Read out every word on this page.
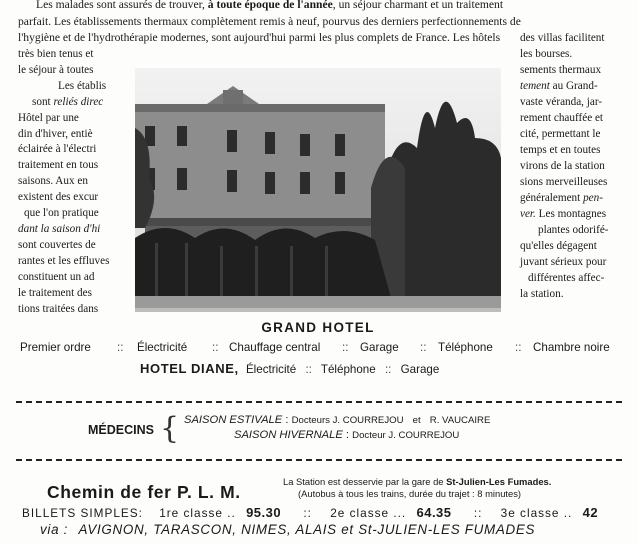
Les malades sont assurés de trouver, à toute époque de l'année, un séjour charmant et un traitement
parfait. Les établissements thermaux complètement remis à neuf, pourvus des derniers perfectionnements de
l'hygiène et de l'hydrothérapie modernes, sont aujourd'hui parmi les plus complets de France. Les hôtels
très bien tenus et
le séjour à toutes
Les établis
sont reliés direc
Hôtel par une
din d'hiver, entiè
éclairée à l'électri
traitement en tous
saisons. Aux en
existent des excur
que l'on pratique
dant la saison d'hi
sont couvertes de
rantes et les effluves
constituent un ad
le traitement des
tions traitées dans
des villas facilitent
les bourses.
sements thermaux
tement au Grand-
vaste véranda, jar-
rement chauffée et
cité, permettant le
temps et en toutes
virons de la station
sions merveilleuses
généralement pen-
ver. Les montagnes
plantes odorifé-
qu'elles dégagent
juvant sérieux pour
différentes affec-
la station.
GRAND HOTEL
Premier ordre :: Électricité :: Chauffage central :: Garage :: Téléphone :: Chambre noire
HOTEL DIANE, Électricité :: Téléphone :: Garage
MÉDECINS { SAISON ESTIVALE : Docteurs J. COURREJOU et R. VAUCAIRE
SAISON HIVERNALE : Docteur J. COURREJOU
Chemin de fer P. L. M.
La Station est desservie par la gare de St-Julien-Les Fumades.
(Autobus à tous les trains, durée du trajet : 8 minutes)
BILLETS SIMPLES: 1re classe .. 95.30 :: 2e classe ... 64.35 :: 3e classe .. 42
via : AVIGNON, TARASCON, NIMES, ALAIS et St-JULIEN-LES FUMADES
